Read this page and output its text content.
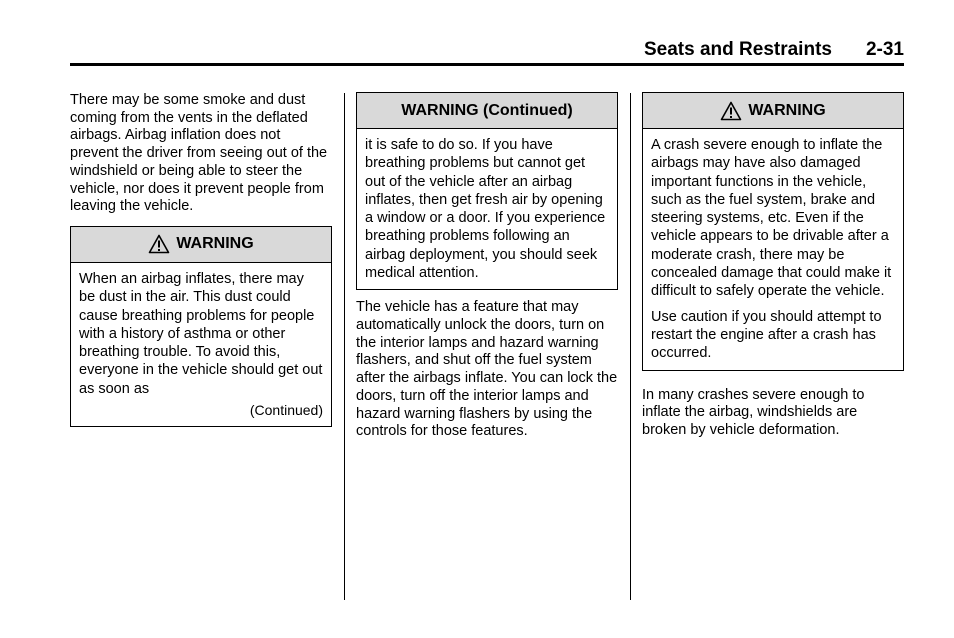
Seats and Restraints 2-31

There may be some smoke and dust coming from the vents in the deflated airbags. Airbag inflation does not prevent the driver from seeing out of the windshield or being able to steer the vehicle, nor does it prevent people from leaving the vehicle.

WARNING

When an airbag inflates, there may be dust in the air. This dust could cause breathing problems for people with a history of asthma or other breathing trouble. To avoid this, everyone in the vehicle should get out as soon as

(Continued)
WARNING (Continued)

it is safe to do so. If you have breathing problems but cannot get out of the vehicle after an airbag inflates, then get fresh air by opening a window or a door. If you experience breathing problems following an airbag deployment, you should seek medical attention.

The vehicle has a feature that may automatically unlock the doors, turn on the interior lamps and hazard warning flashers, and shut off the fuel system after the airbags inflate. You can lock the doors, turn off the interior lamps and hazard warning flashers by using the controls for those features.

WARNING

A crash severe enough to inflate the airbags may have also damaged important functions in the vehicle, such as the fuel system, brake and steering systems, etc. Even if the vehicle appears to be drivable after a moderate crash, there may be concealed damage that could make it difficult to safely operate the vehicle.

Use caution if you should attempt to restart the engine after a crash has occurred.

In many crashes severe enough to inflate the airbag, windshields are broken by vehicle deformation.
